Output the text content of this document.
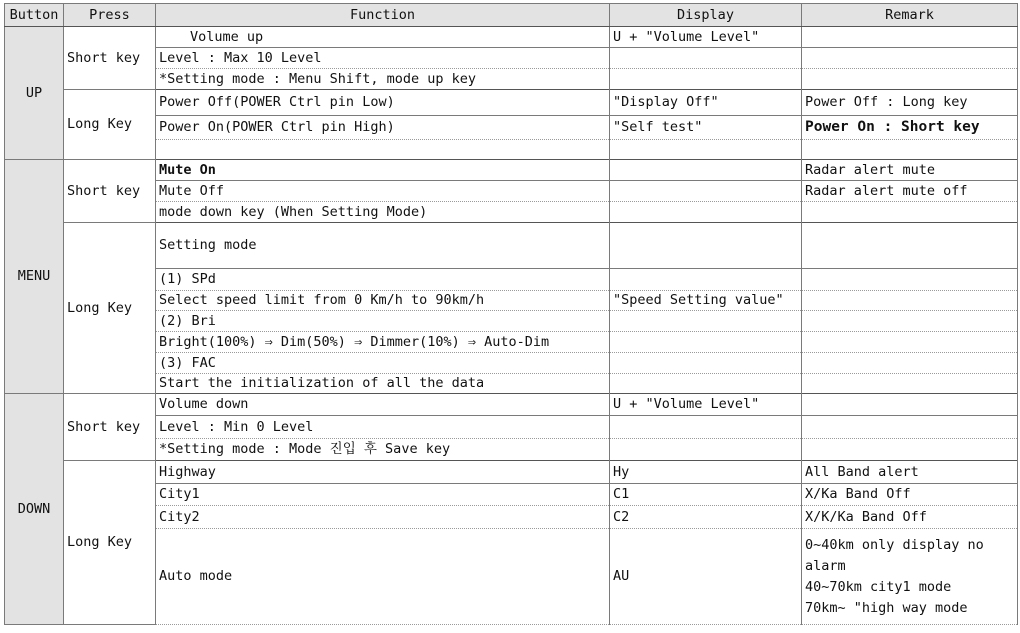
Button	Press	Function	Display	Remark
UP	Short key	Volume up	U + "Volume Level"	
		Level : Max 10 Level		
		*Setting mode : Menu Shift, mode up key		
	Long Key	Power Off(POWER Ctrl pin Low)	"Display Off"	Power Off : Long key
		Power On(POWER Ctrl pin High)	"Self test"	Power On : Short key

MENU	Short key	Mute On		Radar alert mute
		Mute Off		Radar alert mute off
		mode down key (When Setting Mode)		
	Long Key	Setting mode		
		(1) SPd		
		Select speed limit from 0 Km/h to 90km/h	"Speed Setting value"	
		(2) Bri		
		Bright(100%) ⇒ Dim(50%) ⇒ Dimmer(10%) ⇒ Auto-Dim		
		(3) FAC		
		Start the initialization of all the data		
DOWN	Short key	Volume down	U + "Volume Level"	
		Level : Min 0 Level		
		*Setting mode : Mode 진입 후 Save key		
	Long Key	Highway	Hy	All Band alert
		City1	C1	X/Ka Band Off
		City2	C2	X/K/Ka Band Off
		Auto mode	AU	0~40km only display no alarm
40~70km city1 mode
70km~ "high way mode
